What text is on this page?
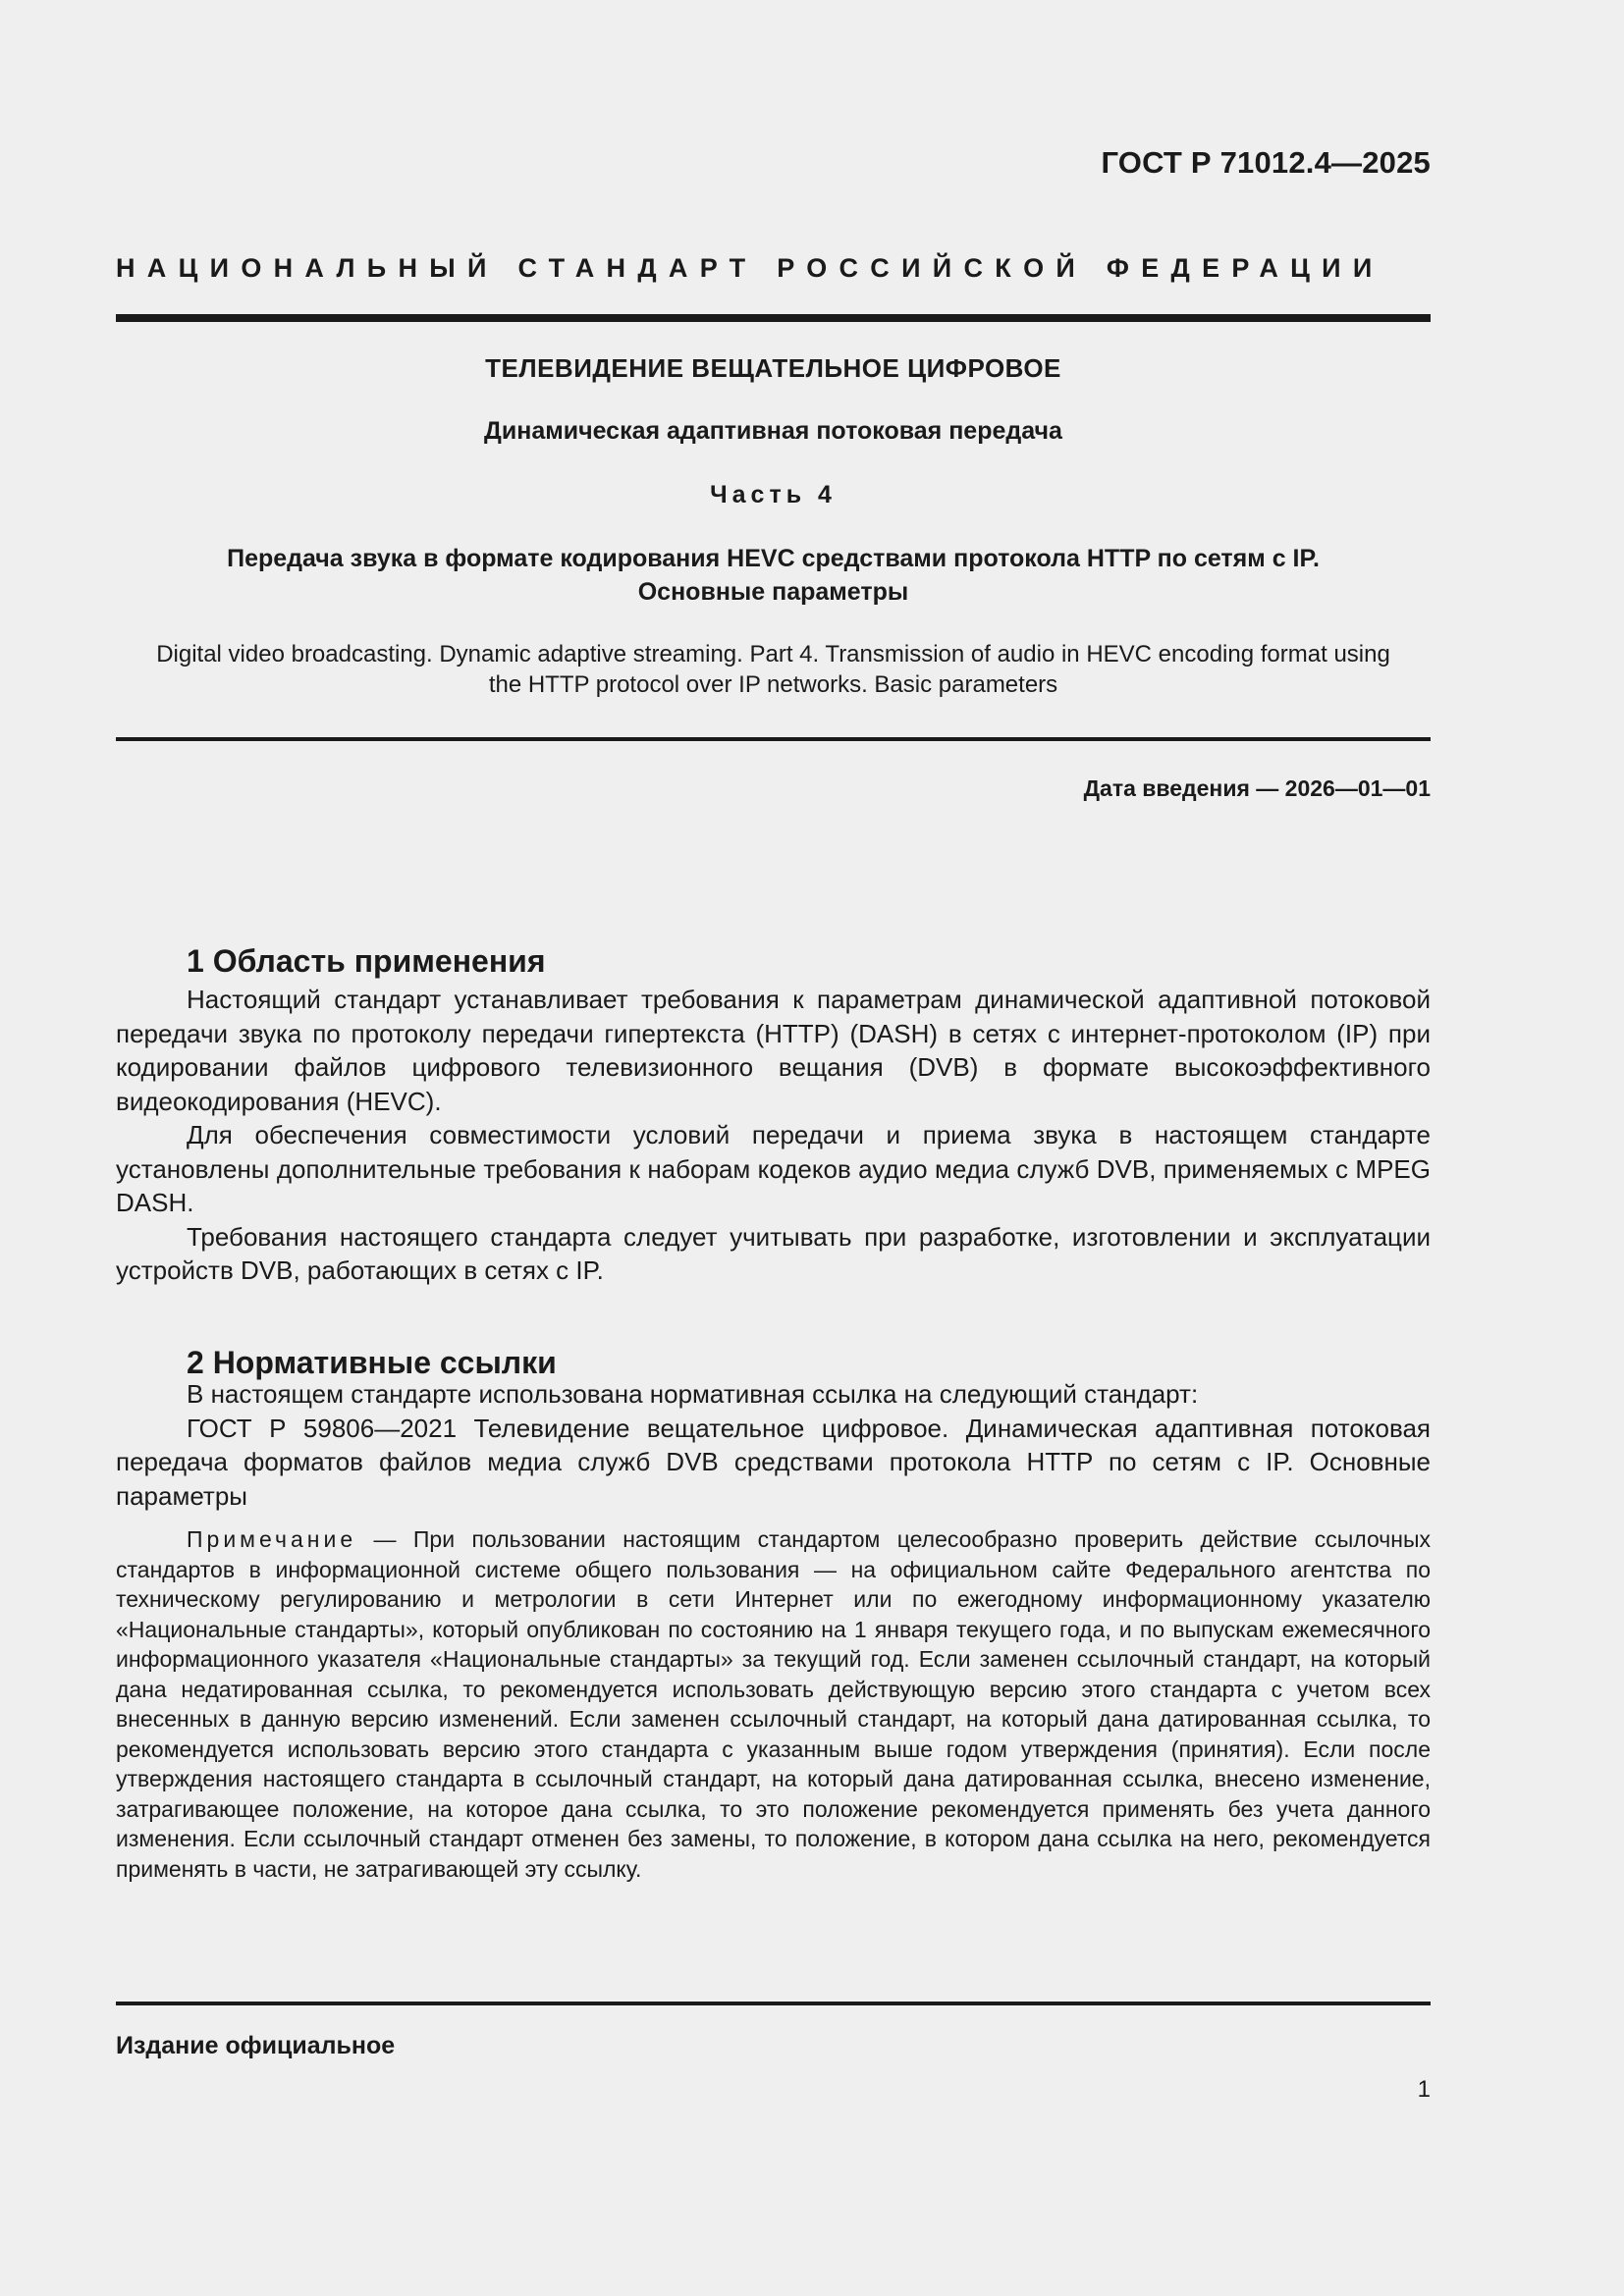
ГОСТ Р 71012.4—2025
НАЦИОНАЛЬНЫЙ СТАНДАРТ РОССИЙСКОЙ ФЕДЕРАЦИИ
ТЕЛЕВИДЕНИЕ ВЕЩАТЕЛЬНОЕ ЦИФРОВОЕ
Динамическая адаптивная потоковая передача
Часть 4
Передача звука в формате кодирования HEVC средствами протокола HTTP по сетям с IP.
Основные параметры
Digital video broadcasting. Dynamic adaptive streaming. Part 4. Transmission of audio in HEVC encoding format using
the HTTP protocol over IP networks. Basic parameters
Дата введения — 2026—01—01
1 Область применения

Настоящий стандарт устанавливает требования к параметрам динамической адаптивной потоковой передачи звука по протоколу передачи гипертекста (HTTP) (DASH) в сетях с интернет-протоколом (IP) при кодировании файлов цифрового телевизионного вещания (DVB) в формате высокоэффективного видеокодирования (HEVC).

Для обеспечения совместимости условий передачи и приема звука в настоящем стандарте установлены дополнительные требования к наборам кодеков аудио медиа служб DVB, применяемых с MPEG DASH.

Требования настоящего стандарта следует учитывать при разработке, изготовлении и эксплуатации устройств DVB, работающих в сетях с IP.

2 Нормативные ссылки

В настоящем стандарте использована нормативная ссылка на следующий стандарт:

ГОСТ Р 59806—2021 Телевидение вещательное цифровое. Динамическая адаптивная потоковая передача форматов файлов медиа служб DVB средствами протокола HTTP по сетям с IP. Основные параметры

Примечание — При пользовании настоящим стандартом целесообразно проверить действие ссылочных стандартов в информационной системе общего пользования — на официальном сайте Федерального агентства по техническому регулированию и метрологии в сети Интернет или по ежегодному информационному указателю «Национальные стандарты», который опубликован по состоянию на 1 января текущего года, и по выпускам ежемесячного информационного указателя «Национальные стандарты» за текущий год. Если заменен ссылочный стандарт, на который дана недатированная ссылка, то рекомендуется использовать действующую версию этого стандарта с учетом всех внесенных в данную версию изменений. Если заменен ссылочный стандарт, на который дана датированная ссылка, то рекомендуется использовать версию этого стандарта с указанным выше годом утверждения (принятия). Если после утверждения настоящего стандарта в ссылочный стандарт, на который дана датированная ссылка, внесено изменение, затрагивающее положение, на которое дана ссылка, то это положение рекомендуется применять без учета данного изменения. Если ссылочный стандарт отменен без замены, то положение, в котором дана ссылка на него, рекомендуется применять в части, не затрагивающей эту ссылку.
Издание официальное
1
